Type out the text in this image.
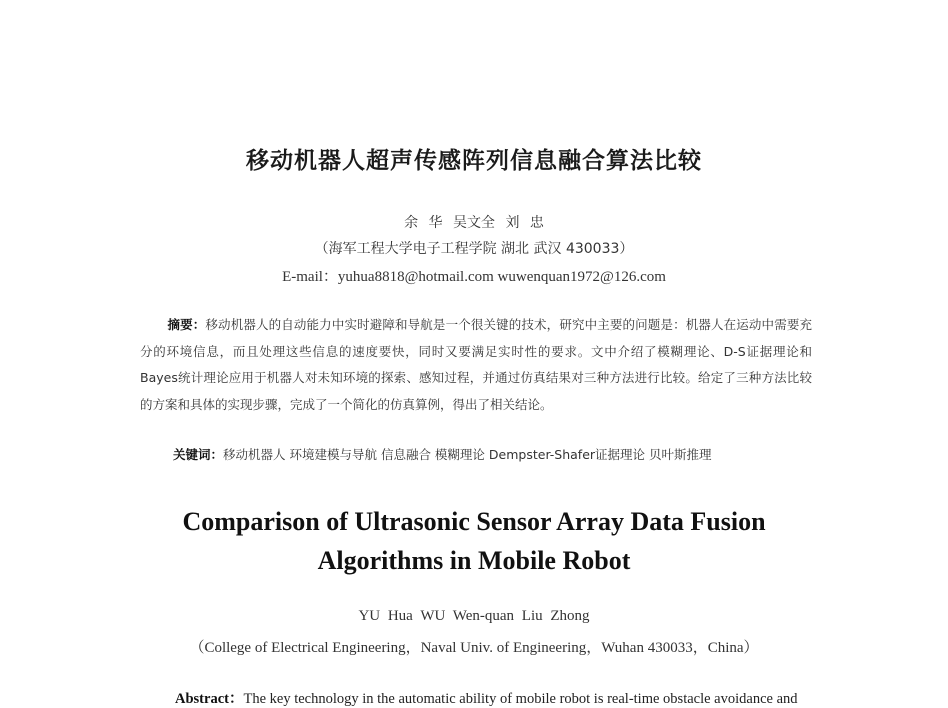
移动机器人超声传感阵列信息融合算法比较
余 华 吴文全 刘 忠
（海军工程大学电子工程学院 湖北 武汉 430033）
E-mail：yuhua8818@hotmail.com wuwenquan1972@126.com
摘要：移动机器人的自动能力中实时避障和导航是一个很关键的技术，研究中主要的问题是：机器人在运动中需要充分的环境信息，而且处理这些信息的速度要快，同时又要满足实时性的要求。文中介绍了模糊理论、D-S证据理论和Bayes统计理论应用于机器人对未知环境的探索、感知过程，并通过仿真结果对三种方法进行比较。给定了三种方法比较的方案和具体的实现步骤，完成了一个简化的仿真算例，得出了相关结论。
关键词：移动机器人 环境建模与导航 信息融合 模糊理论 Dempster-Shafer证据理论 贝叶斯推理
Comparison of Ultrasonic Sensor Array Data Fusion
Algorithms in Mobile Robot
YU Hua WU Wen-quan Liu Zhong
（College of Electrical Engineering，Naval Univ. of Engineering，Wuhan 430033，China）
Abstract：The key technology in the automatic ability of mobile robot is real-time obstacle avoidance and
